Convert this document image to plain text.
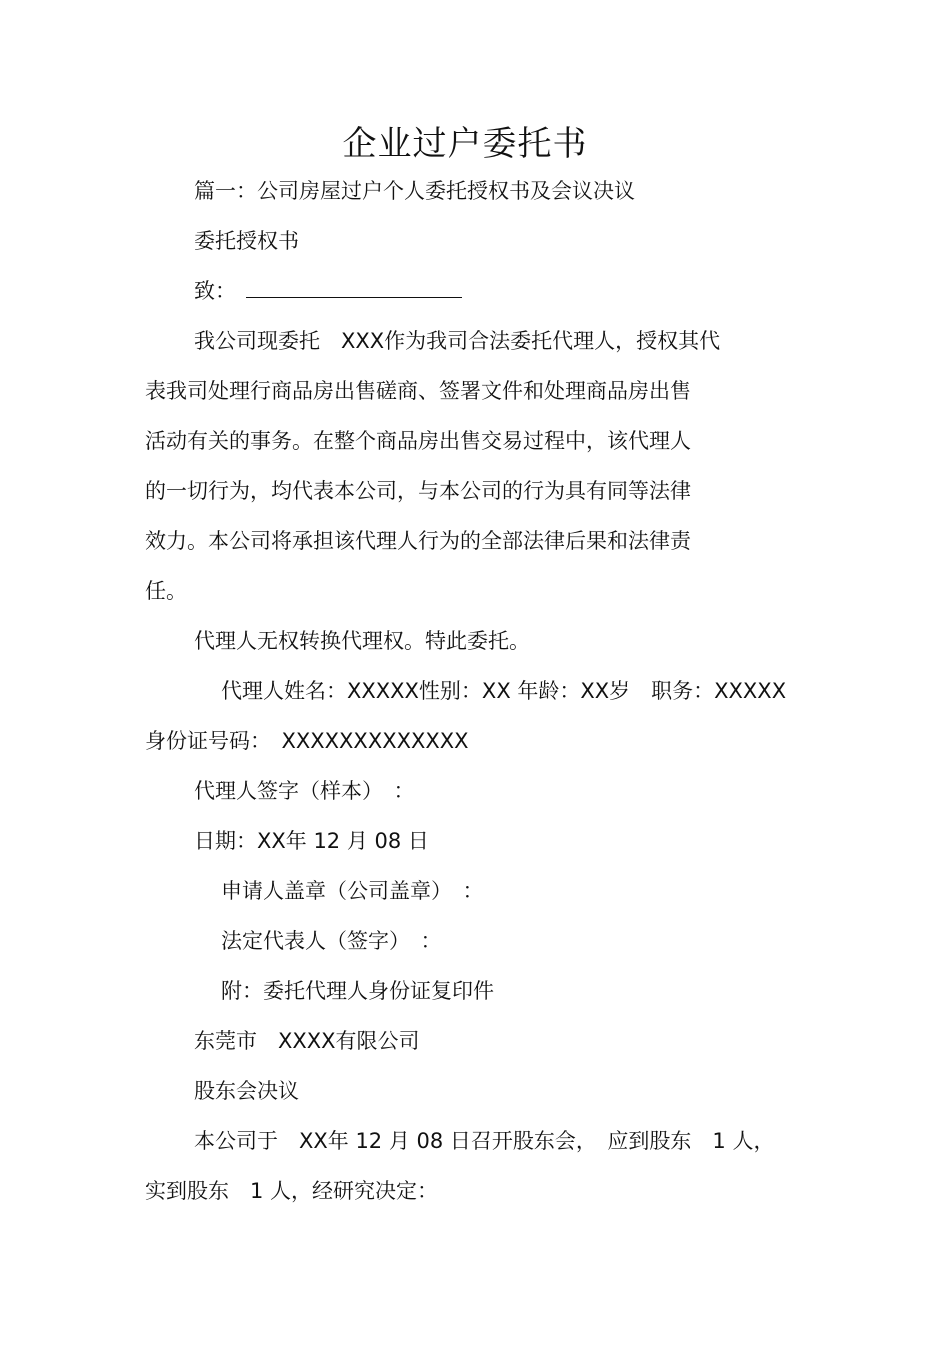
企业过户委托书
篇一：公司房屋过户个人委托授权书及会议决议
委托授权书
致：
我公司现委托　XXX作为我司合法委托代理人，授权其代
表我司处理行商品房出售磋商、签署文件和处理商品房出售
活动有关的事务。在整个商品房出售交易过程中，该代理人
的一切行为，均代表本公司，与本公司的行为具有同等法律
效力。本公司将承担该代理人行为的全部法律后果和法律责
任。
代理人无权转换代理权。特此委托。
代理人姓名：XXXXX性别：XX 年龄：XX岁　职务：XXXXX
身份证号码：　XXXXXXXXXXXXX
代理人签字（样本）　：
日期：XX年 12 月 08 日
申请人盖章（公司盖章）　：
法定代表人（签字）　：
附：委托代理人身份证复印件
东莞市　XXXX有限公司
股东会决议
本公司于　XX年 12 月 08 日召开股东会，　应到股东　1 人，
实到股东　1 人，经研究决定：
